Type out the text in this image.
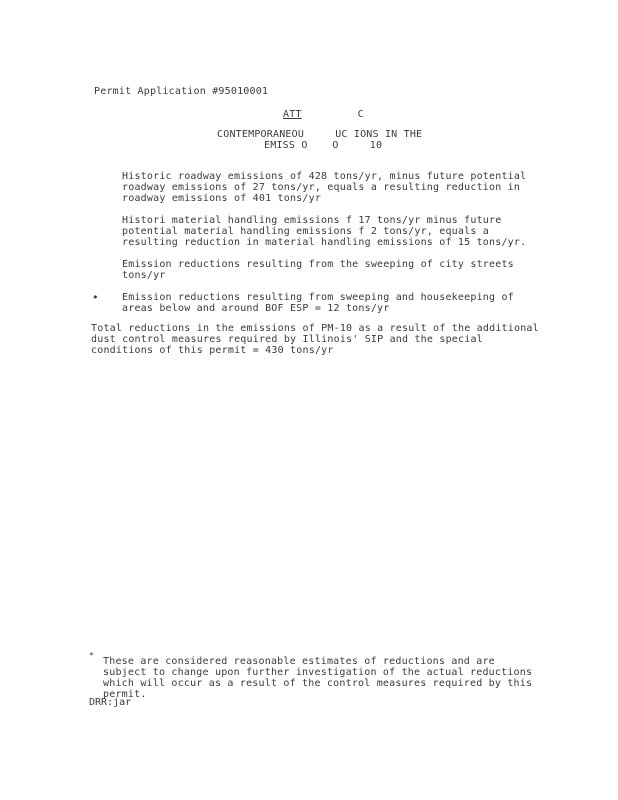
Permit Application #95010001
ATT	C
CONTEMPORANEOU     UC IONS IN THE
EMISS O    O     10
Historic roadway emissions of 428 tons/yr, minus future potential roadway emissions of 27 tons/yr, equals a resulting reduction in roadway emissions of 401 tons/yr
Histori material handling emissions f 17 tons/yr minus future potential material handling emissions f 2 tons/yr, equals a resulting reduction in material handling emissions of 15 tons/yr.
Emission reductions resulting from the sweeping of city streets tons/yr
• Emission reductions resulting from sweeping and housekeeping of areas below and around BOF ESP = 12 tons/yr
Total reductions in the emissions of PM-10 as a result of the additional dust control measures required by Illinois' SIP and the special conditions of this permit = 430 tons/yr
*
These are considered reasonable estimates of reductions and are subject to change upon further investigation of the actual reductions which will occur as a result of the control measures required by this permit.
DRR:jar
